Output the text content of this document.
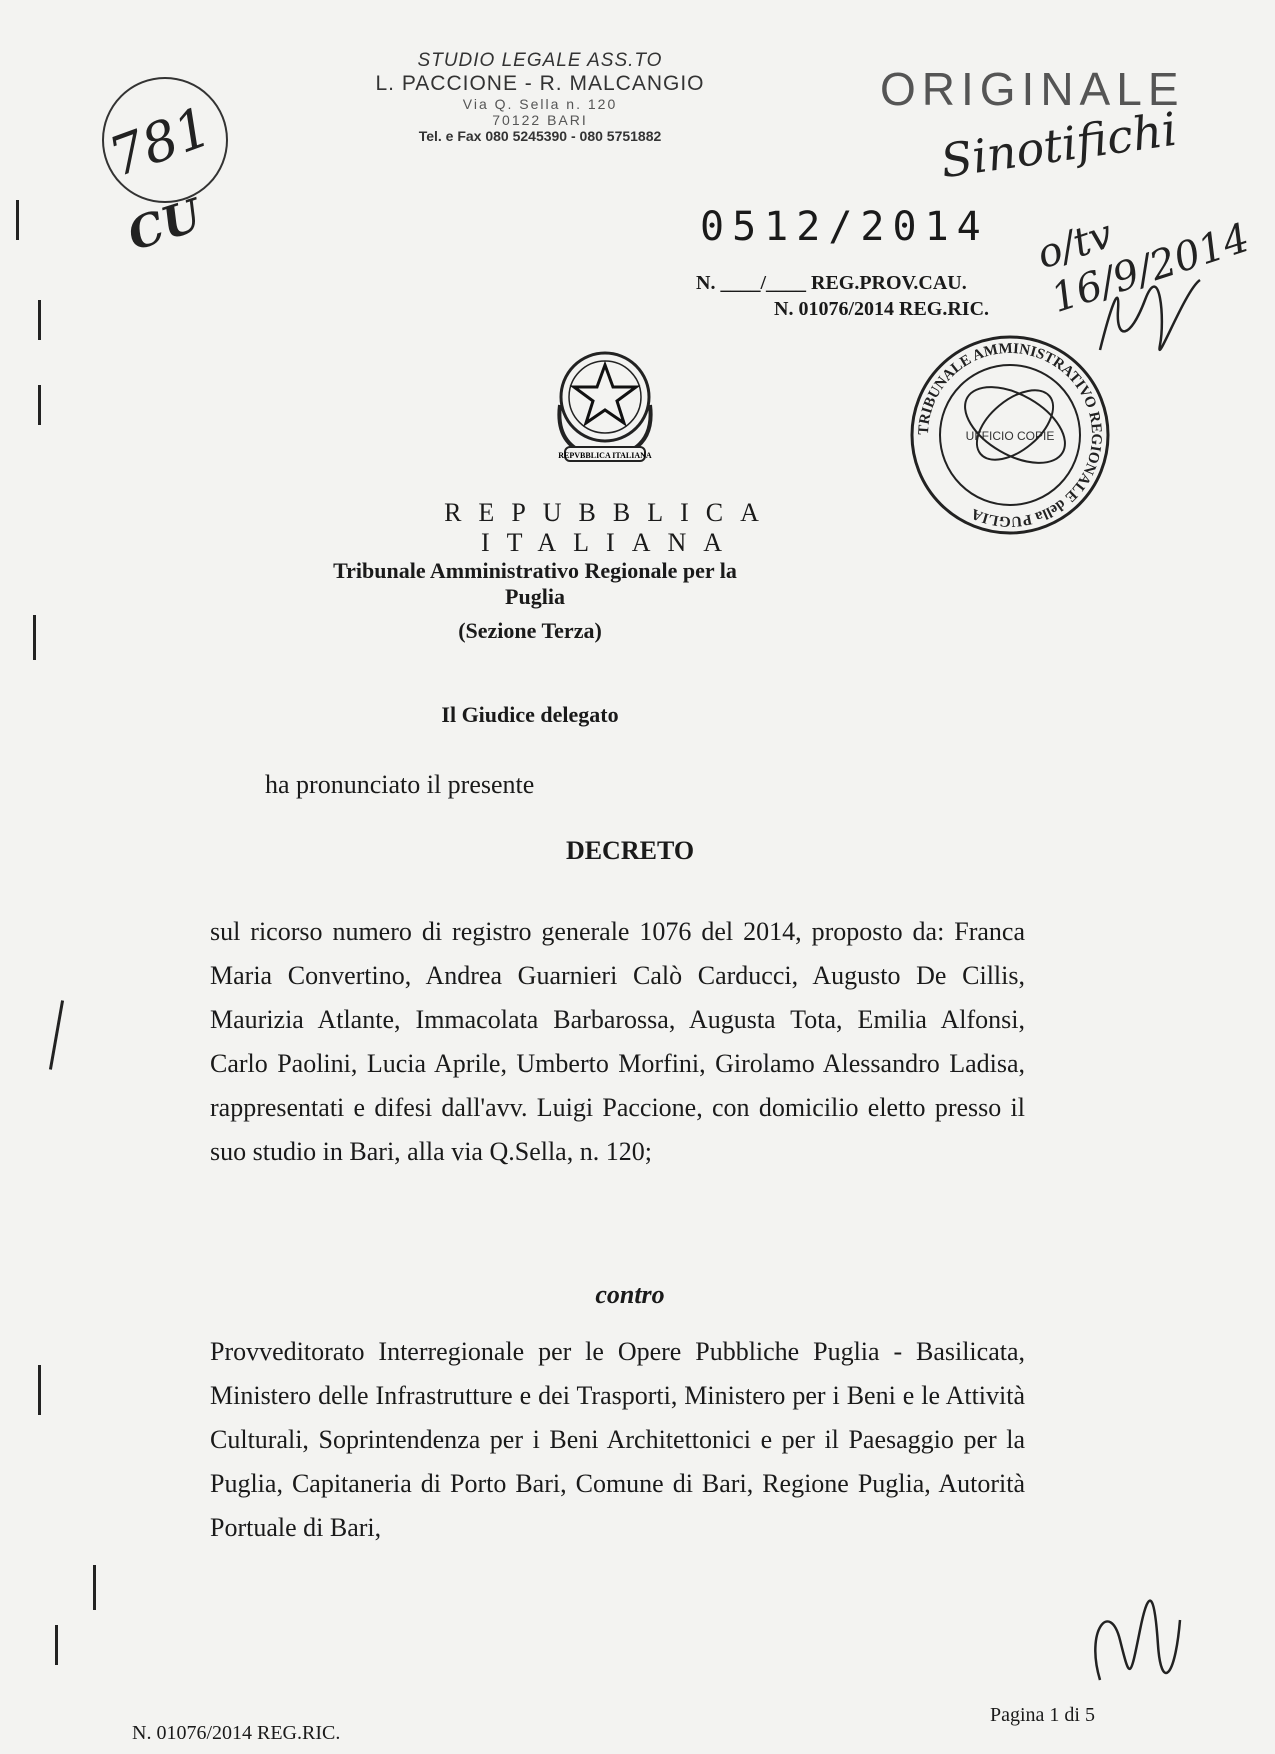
781
CU
STUDIO LEGALE ASS.TO
L. PACCIONE - R. MALCANGIO
Via Q. Sella n. 120
70122 BARI
Tel. e Fax 080 5245390 - 080 5751882
ORIGINALE
Sinotifichi
o/tv 16/9/2014
0512/2014
N. ____/____ REG.PROV.CAU.
N. 01076/2014 REG.RIC.
REPVBBLICA ITALIANA
TRIBUNALE AMMINISTRATIVO REGIONALE della PUGLIA
UFFICIO COPIE
REPUBBLICA ITALIANA
Tribunale Amministrativo Regionale per la Puglia
(Sezione Terza)
Il Giudice delegato
ha pronunciato il presente
DECRETO
sul ricorso numero di registro generale 1076 del 2014, proposto da: Franca Maria Convertino, Andrea Guarnieri Calò Carducci, Augusto De Cillis, Maurizia Atlante, Immacolata Barbarossa, Augusta Tota, Emilia Alfonsi, Carlo Paolini, Lucia Aprile, Umberto Morfini, Girolamo Alessandro Ladisa, rappresentati e difesi dall'avv. Luigi Paccione, con domicilio eletto presso il suo studio in Bari, alla via Q.Sella, n. 120;
contro
Provveditorato Interregionale per le Opere Pubbliche Puglia - Basilicata, Ministero delle Infrastrutture e dei Trasporti, Ministero per i Beni e le Attività Culturali, Soprintendenza per i Beni Architettonici e per il Paesaggio per la Puglia, Capitaneria di Porto Bari, Comune di Bari, Regione Puglia, Autorità Portuale di Bari,
N. 01076/2014 REG.RIC.
Pagina 1 di 5
